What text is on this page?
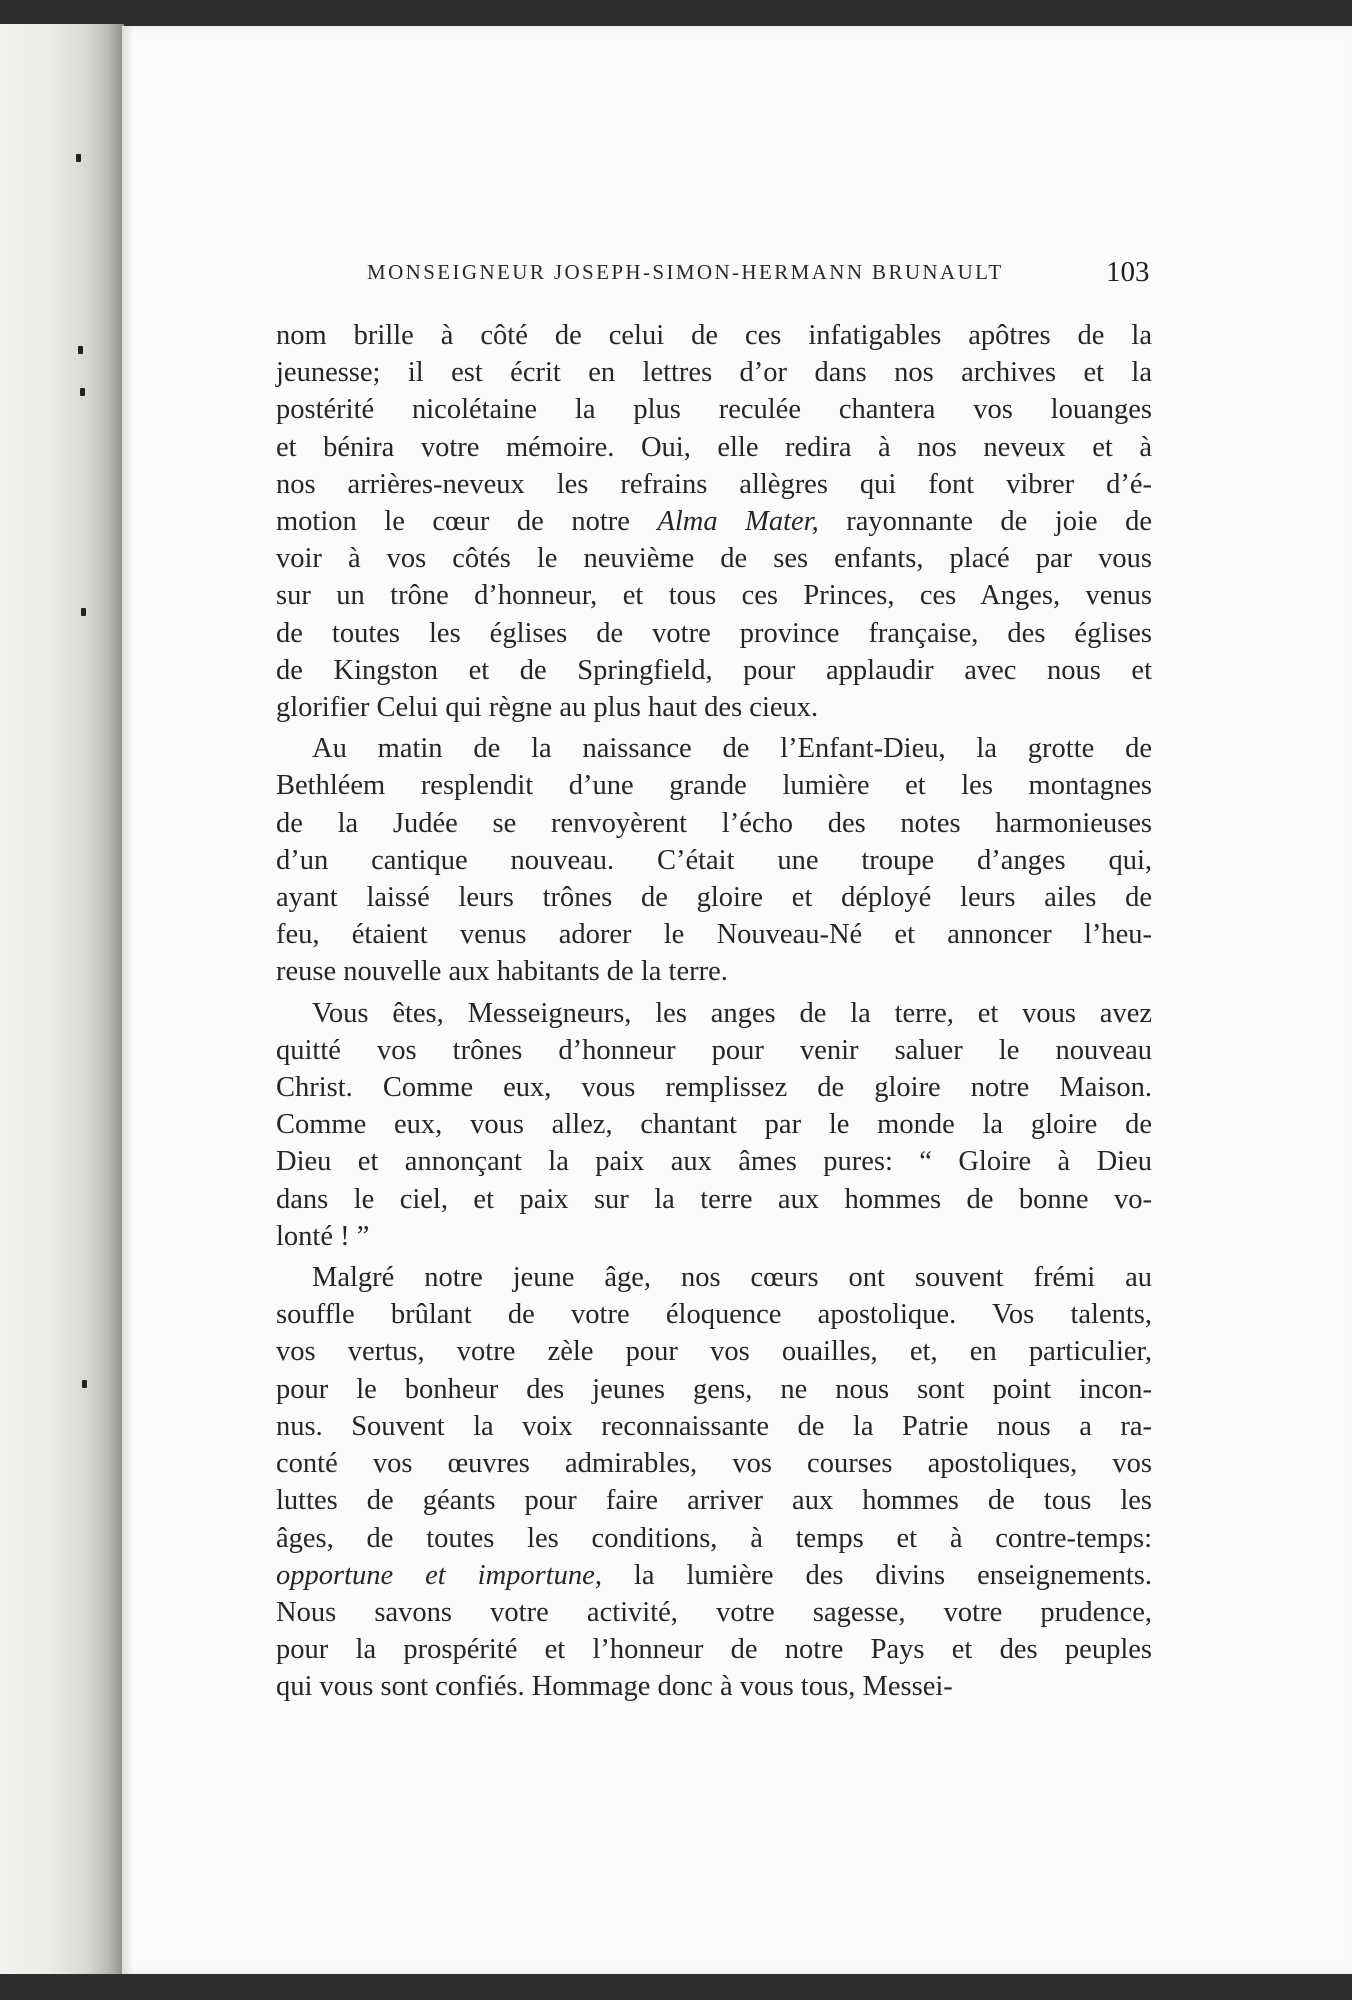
MONSEIGNEUR JOSEPH-SIMON-HERMANN BRUNAULT	103
nom brille à côté de celui de ces infatigables apôtres de la
jeunesse; il est écrit en lettres d’or dans nos archives et la
postérité nicolétaine la plus reculée chantera vos louanges
et bénira votre mémoire. Oui, elle redira à nos neveux et à
nos arrières-neveux les refrains allègres qui font vibrer d’é-
motion le cœur de notre Alma Mater, rayonnante de joie de
voir à vos côtés le neuvième de ses enfants, placé par vous
sur un trône d’honneur, et tous ces Princes, ces Anges, venus
de toutes les églises de votre province française, des églises
de Kingston et de Springfield, pour applaudir avec nous et
glorifier Celui qui règne au plus haut des cieux.
Au matin de la naissance de l’Enfant-Dieu, la grotte de
Bethléem resplendit d’une grande lumière et les montagnes
de la Judée se renvoyèrent l’écho des notes harmonieuses
d’un cantique nouveau. C’était une troupe d’anges qui,
ayant laissé leurs trônes de gloire et déployé leurs ailes de
feu, étaient venus adorer le Nouveau-Né et annoncer l’heu-
reuse nouvelle aux habitants de la terre.
Vous êtes, Messeigneurs, les anges de la terre, et vous avez
quitté vos trônes d’honneur pour venir saluer le nouveau
Christ. Comme eux, vous remplissez de gloire notre Maison.
Comme eux, vous allez, chantant par le monde la gloire de
Dieu et annonçant la paix aux âmes pures: “ Gloire à Dieu
dans le ciel, et paix sur la terre aux hommes de bonne vo-
lonté ! ”
Malgré notre jeune âge, nos cœurs ont souvent frémi au
souffle brûlant de votre éloquence apostolique. Vos talents,
vos vertus, votre zèle pour vos ouailles, et, en particulier,
pour le bonheur des jeunes gens, ne nous sont point incon-
nus. Souvent la voix reconnaissante de la Patrie nous a ra-
conté vos œuvres admirables, vos courses apostoliques, vos
luttes de géants pour faire arriver aux hommes de tous les
âges, de toutes les conditions, à temps et à contre-temps:
opportune et importune, la lumière des divins enseignements.
Nous savons votre activité, votre sagesse, votre prudence,
pour la prospérité et l’honneur de notre Pays et des peuples
qui vous sont confiés. Hommage donc à vous tous, Messei-
